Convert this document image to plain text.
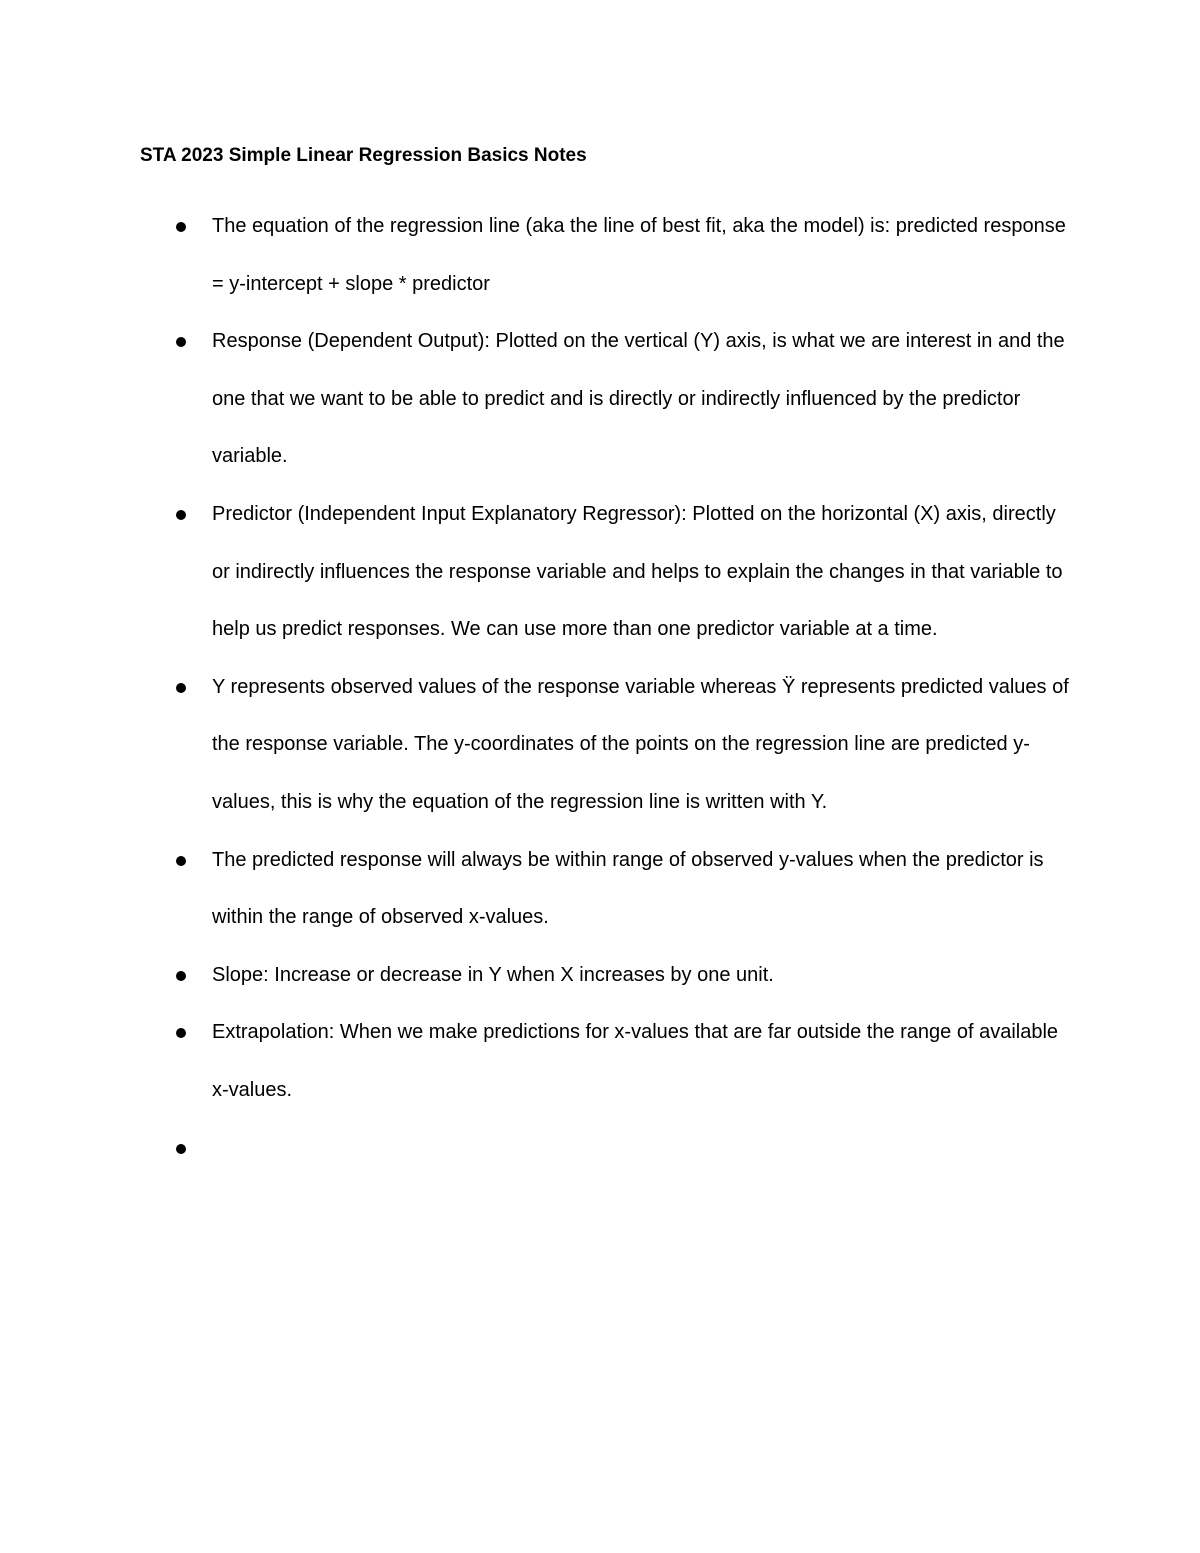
STA 2023 Simple Linear Regression Basics Notes
The equation of the regression line (aka the line of best fit, aka the model) is: predicted response = y-intercept + slope * predictor
Response (Dependent Output): Plotted on the vertical (Y) axis, is what we are interest in and the one that we want to be able to predict and is directly or indirectly influenced by the predictor variable.
Predictor (Independent Input Explanatory Regressor): Plotted on the horizontal (X) axis, directly or indirectly influences the response variable and helps to explain the changes in that variable to help us predict responses. We can use more than one predictor variable at a time.
Y represents observed values of the response variable whereas Ÿ represents predicted values of the response variable. The y-coordinates of the points on the regression line are predicted y-values, this is why the equation of the regression line is written with Y.
The predicted response will always be within range of observed y-values when the predictor is within the range of observed x-values.
Slope: Increase or decrease in Y when X increases by one unit.
Extrapolation: When we make predictions for x-values that are far outside the range of available x-values.
